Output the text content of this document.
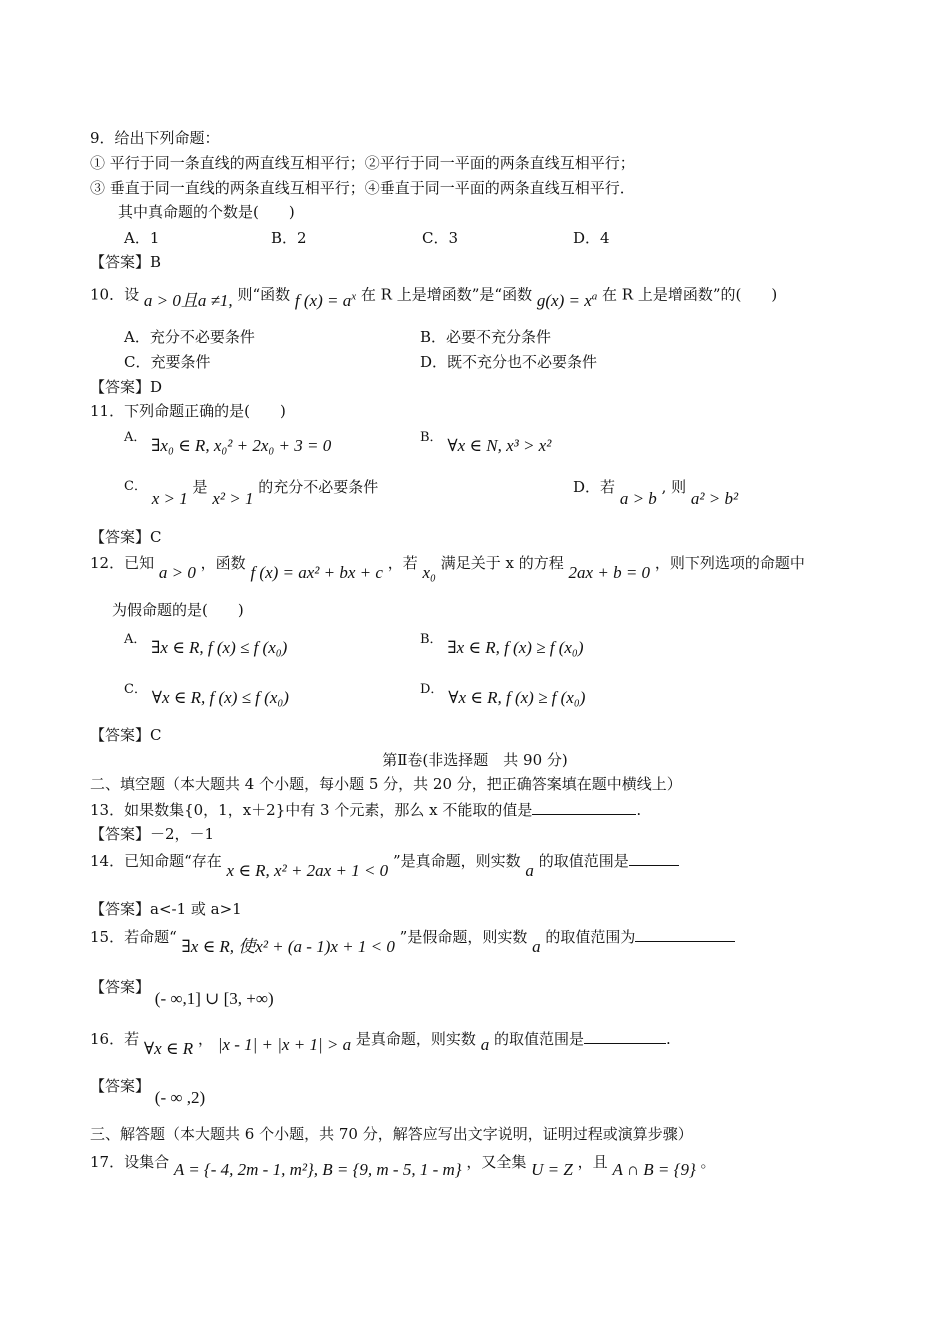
9．给出下列命题：
① 平行于同一条直线的两直线互相平行；②平行于同一平面的两条直线互相平行；
③ 垂直于同一直线的两条直线互相平行；④垂直于同一平面的两条直线互相平行．
其中真命题的个数是(　　)
A．1	B．2	C．3	D．4
【答案】B
10．设 a > 0且a ≠1, 则“函数 f $(x) = a^x$ 在 R 上是增函数”是“函数 $g(x) = x^a$ 在 R 上是增函数”的(　　)
A．充分不必要条件	B．必要不充分条件
C．充要条件	D．既不充分也不必要条件
【答案】D
11．下列命题正确的是(　　)
A． ∃x₀ ∈ R, x₀² + 2x₀ + 3 = 0	B． ∀x ∈ N, x³ > x²
C． x > 1 是 x² > 1 的充分不必要条件	D．若 a > b , 则 a² > b²
【答案】C
12．已知 a > 0 ，函数 f (x) = ax² + bx + c ，若 x₀ 满足关于 x 的方程 2ax + b = 0 ，则下列选项的命题中
为假命题的是(　　)
A． ∃x ∈ R, f (x) ≤ f (x₀)	B． ∃x ∈ R, f (x) ≥ f (x₀)
C． ∀x ∈ R, f (x) ≤ f (x₀)	D． ∀x ∈ R, f (x) ≥ f (x₀)
【答案】C
第Ⅱ卷(非选择题　共 90 分)
二、填空题（本大题共 4 个小题，每小题 5 分，共 20 分，把正确答案填在题中横线上）
13．如果数集{0，1，x＋2}中有 3 个元素，那么 x 不能取的值是	.
【答案】－2，－1
14．已知命题“存在 x ∈ R, x² + 2ax + 1 < 0 ”是真命题，则实数 a 的取值范围是
【答案】a<-1 或 a>1
15．若命题“ ∃x ∈ R, 使x² + (a - 1)x + 1 < 0 ”是假命题，则实数 a 的取值范围为
【答案】 (- ∞,1] ∪ [3, +∞)
16．若 ∀x ∈ R ， |x - 1| + |x + 1| > a 是真命题，则实数 a 的取值范围是	.
【答案】 (- ∞ ,2)
三、解答题（本大题共 6 个小题，共 70 分，解答应写出文字说明，证明过程或演算步骤）
17．设集合 A = {- 4, 2m - 1, m²}, B = {9, m - 5, 1 - m} ，又全集 U = Z ，且 A ∩ B = {9} 。
